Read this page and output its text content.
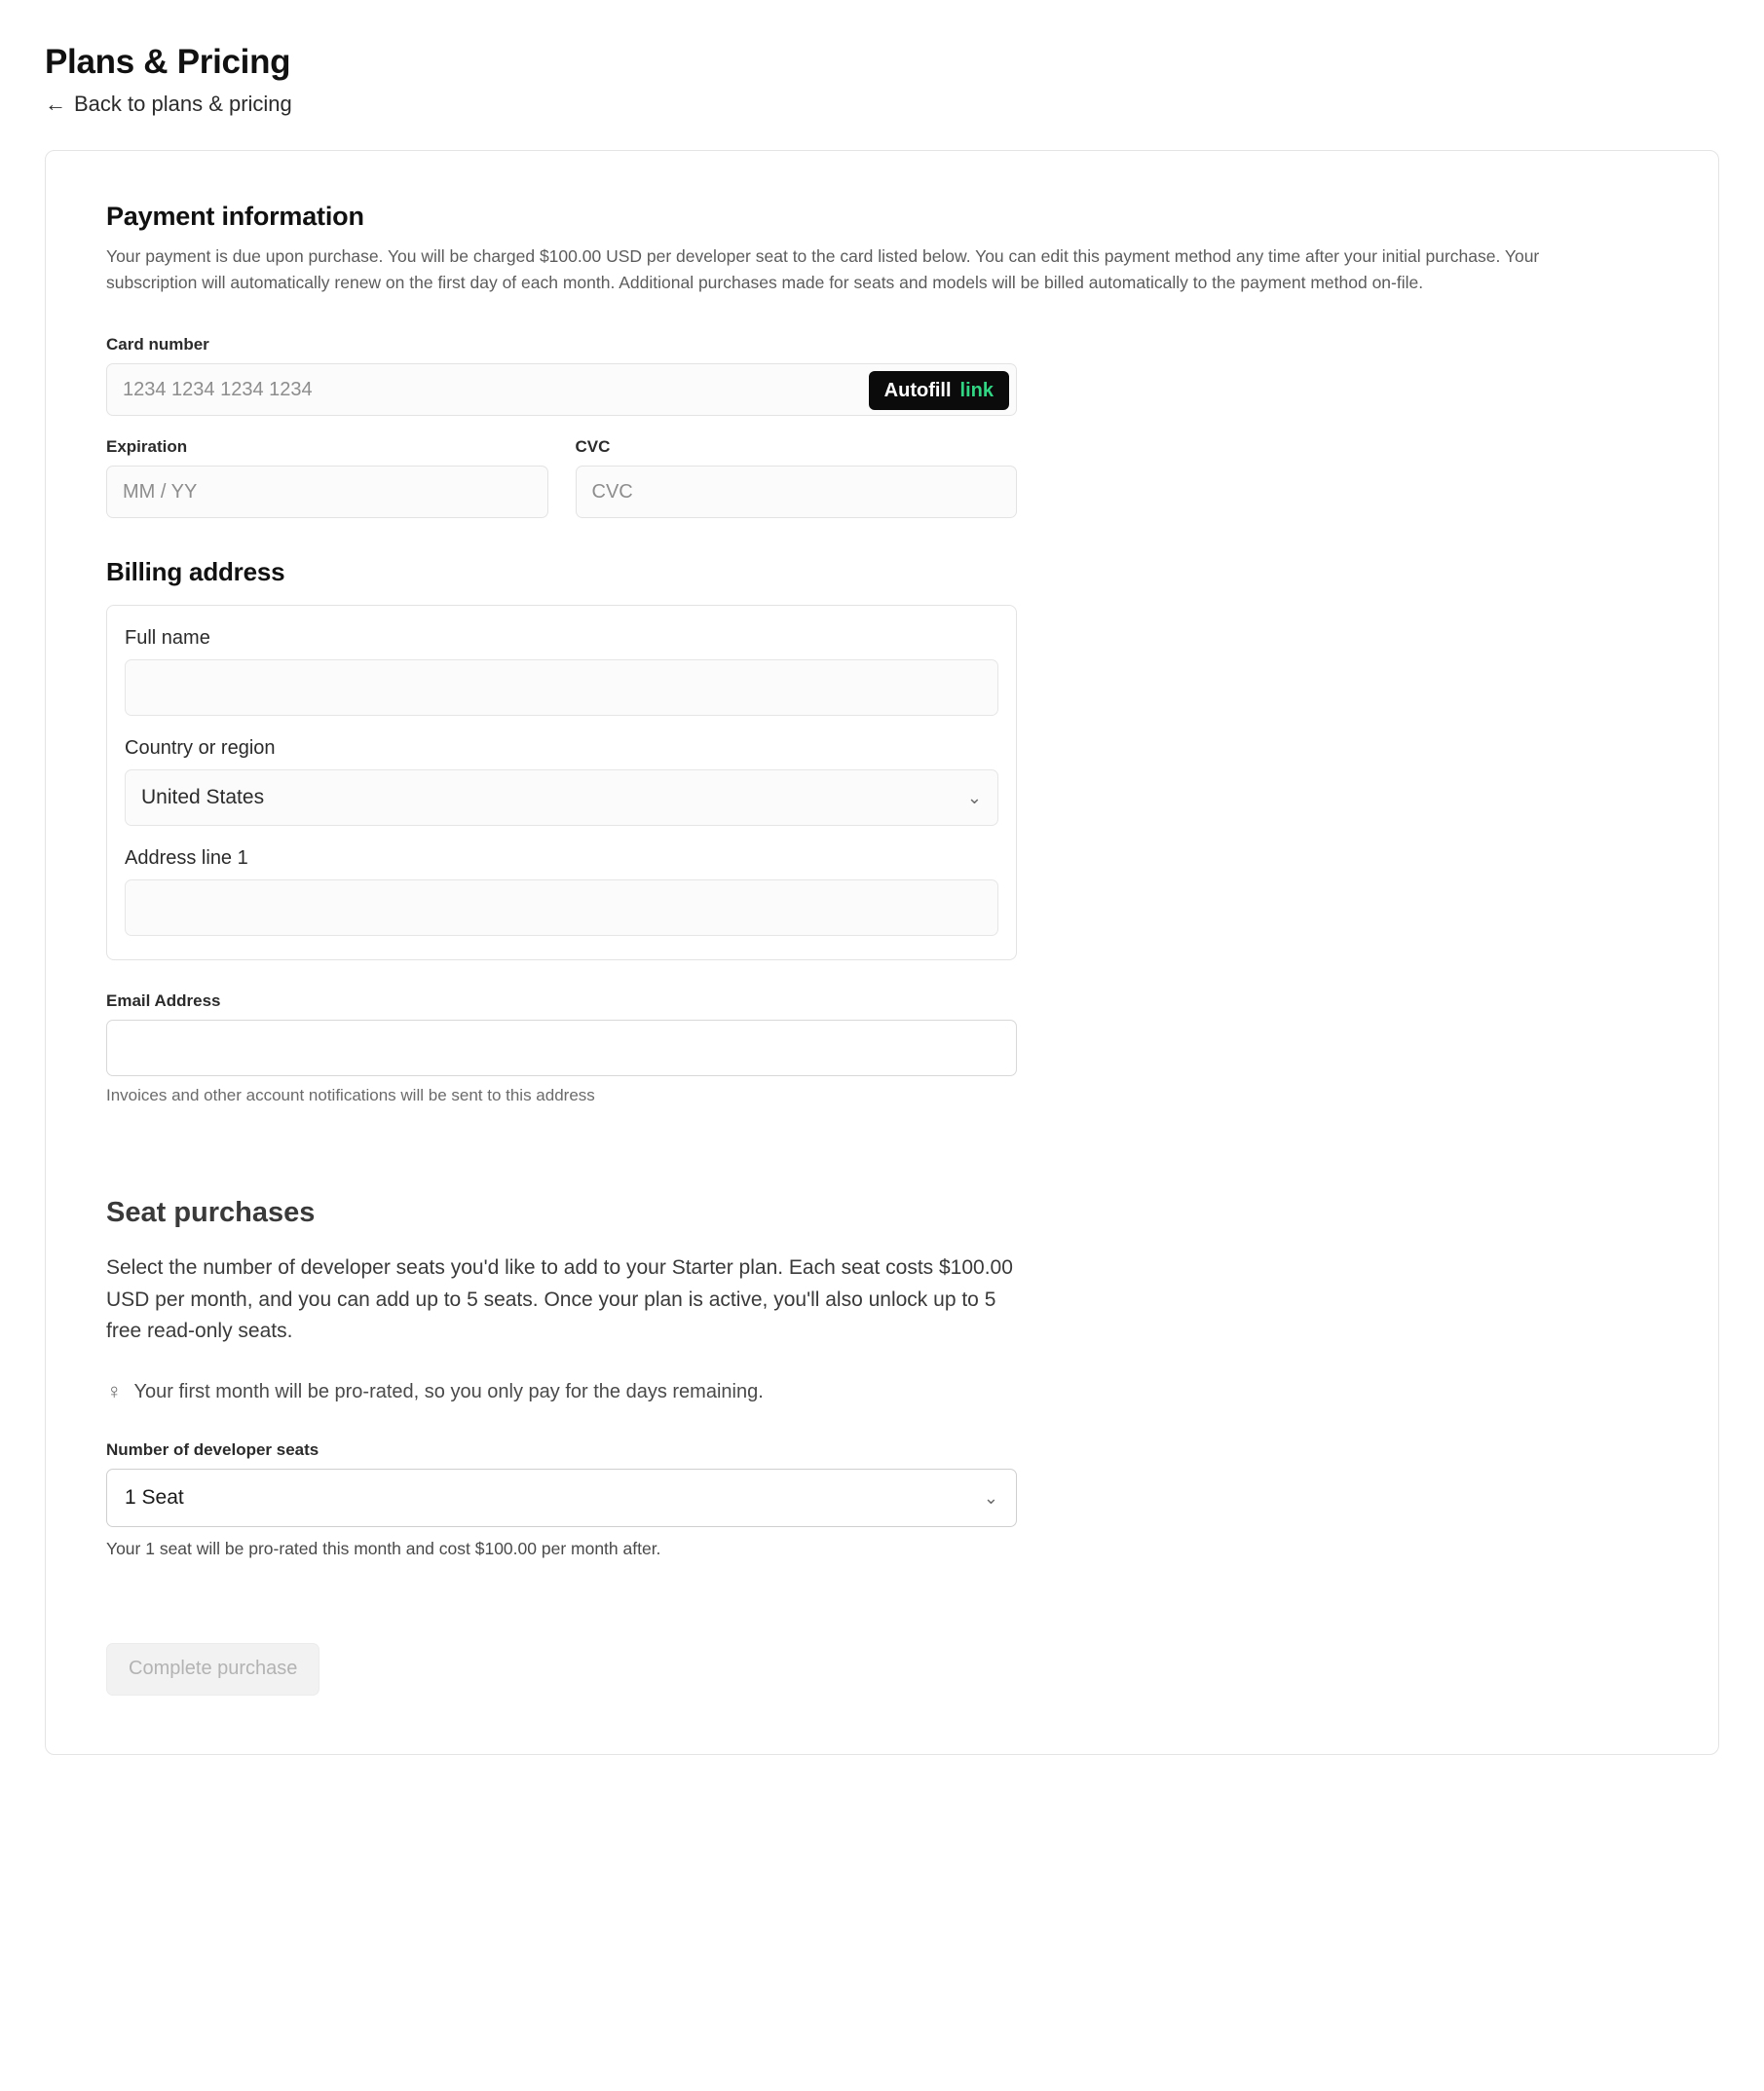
Plans & Pricing
← Back to plans & pricing
Payment information

Your payment is due upon purchase. You will be charged $100.00 USD per developer seat to the card listed below. You can edit this payment method any time after your initial purchase. Your subscription will automatically renew on the first day of each month. Additional purchases made for seats and models will be billed automatically to the payment method on-file.

Card number
1234 1234 1234 1234	Autofill link
Expiration
MM / YY
CVC
CVC
Billing address
Full name
Country or region
United States	⌄
Address line 1
Email Address
Invoices and other account notifications will be sent to this address
Seat purchases

Select the number of developer seats you'd like to add to your Starter plan. Each seat costs $100.00 USD per month, and you can add up to 5 seats. Once your plan is active, you'll also unlock up to 5 free read-only seats.

♀ Your first month will be pro-rated, so you only pay for the days remaining.
Number of developer seats
1 Seat	⌄
Your 1 seat will be pro-rated this month and cost $100.00 per month after.
Complete purchase
